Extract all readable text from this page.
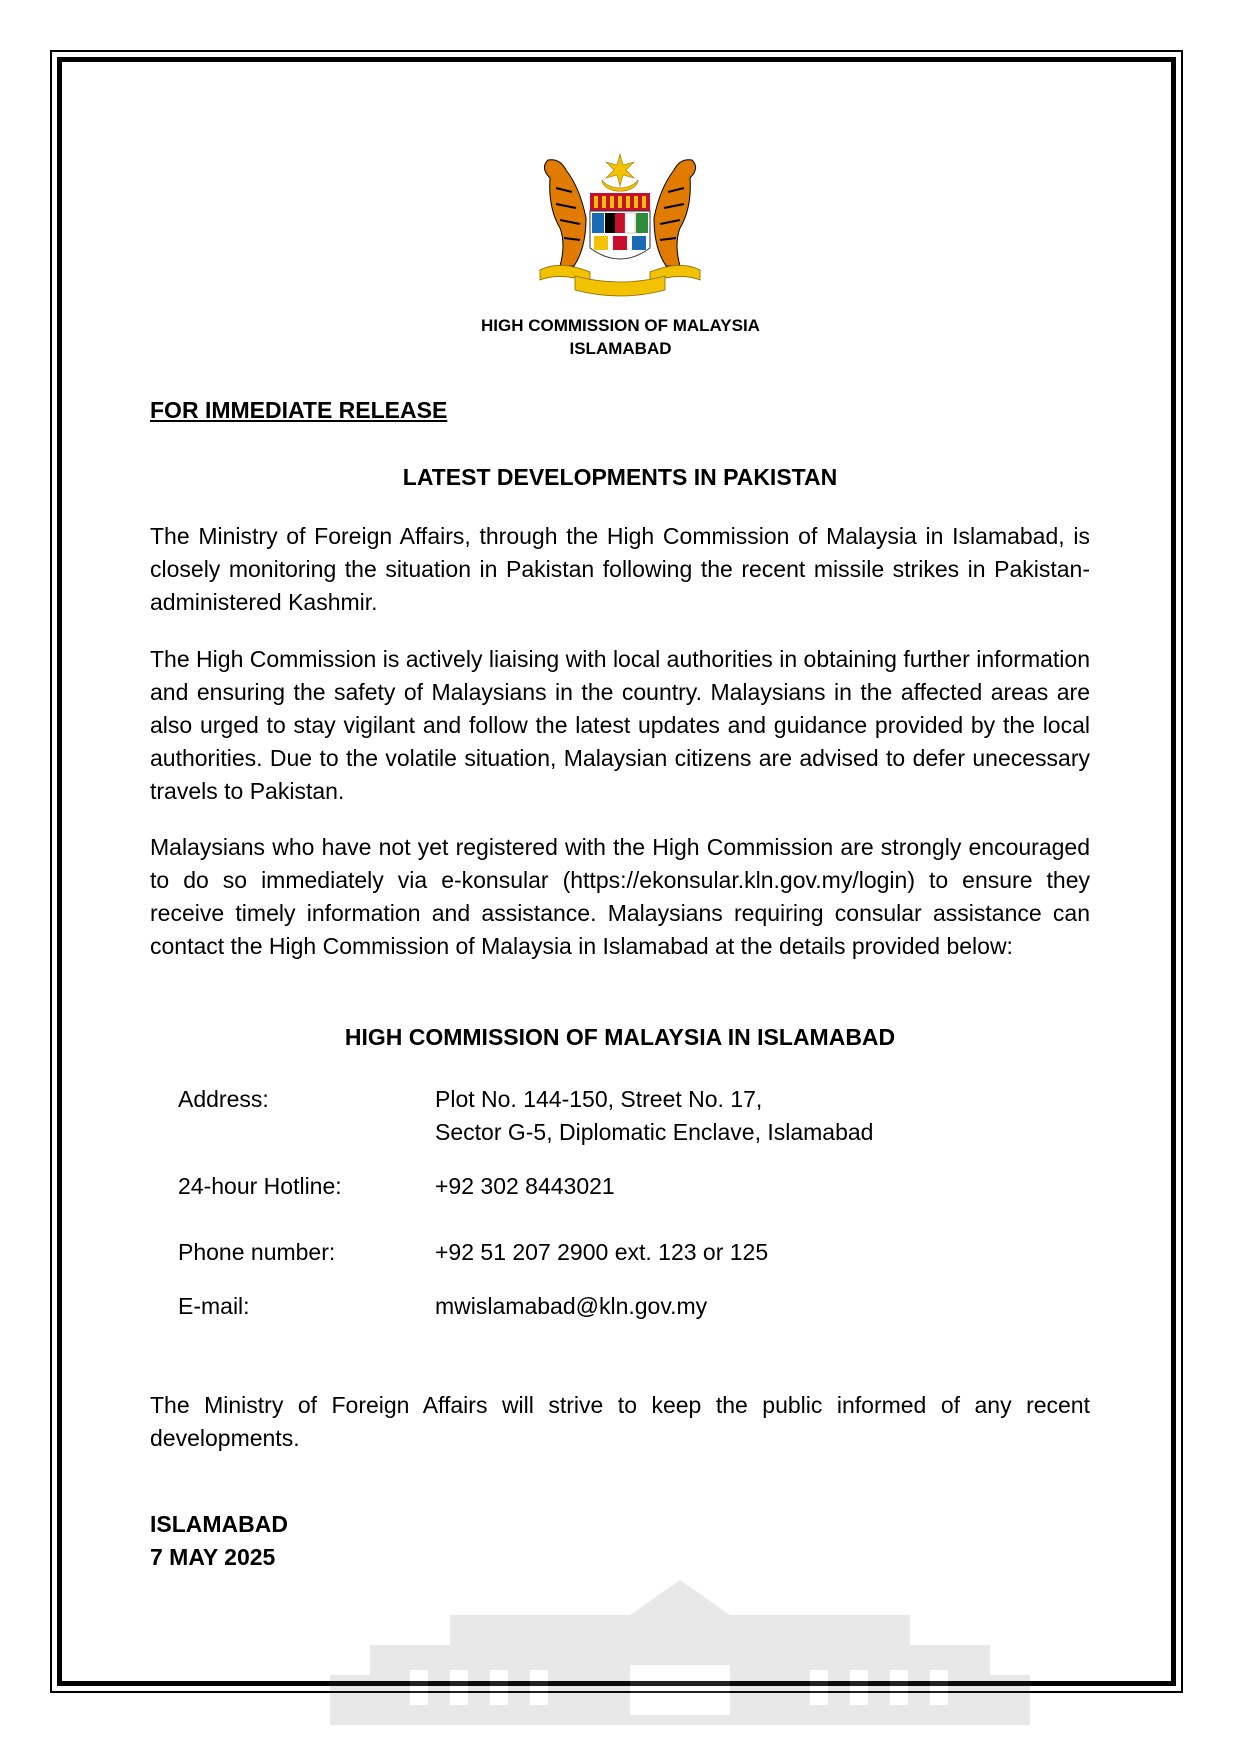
HIGH COMMISSION OF MALAYSIA
ISLAMABAD
FOR IMMEDIATE RELEASE
LATEST DEVELOPMENTS IN PAKISTAN
The Ministry of Foreign Affairs, through the High Commission of Malaysia in Islamabad, is closely monitoring the situation in Pakistan following the recent missile strikes in Pakistan-administered Kashmir.
The High Commission is actively liaising with local authorities in obtaining further information and ensuring the safety of Malaysians in the country. Malaysians in the affected areas are also urged to stay vigilant and follow the latest updates and guidance provided by the local authorities. Due to the volatile situation, Malaysian citizens are advised to defer unecessary travels to Pakistan.
Malaysians who have not yet registered with the High Commission are strongly encouraged to do so immediately via e-konsular (https://ekonsular.kln.gov.my/login) to ensure they receive timely information and assistance. Malaysians requiring consular assistance can contact the High Commission of Malaysia in Islamabad at the details provided below:
HIGH COMMISSION OF MALAYSIA IN ISLAMABAD
Address:	Plot No. 144-150, Street No. 17,
Sector G-5, Diplomatic Enclave, Islamabad
24-hour Hotline:	+92 302 8443021
Phone number:	+92 51 207 2900 ext. 123 or 125
E-mail:	mwislamabad@kln.gov.my
The Ministry of Foreign Affairs will strive to keep the public informed of any recent developments.
ISLAMABAD
7 MAY 2025
